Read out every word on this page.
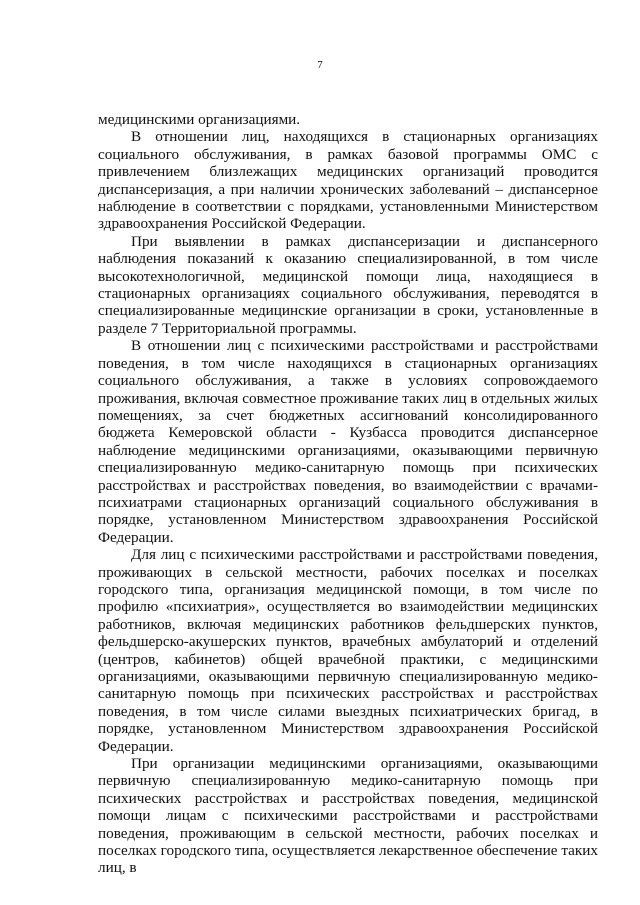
7

медицинскими организациями.

В отношении лиц, находящихся в стационарных организациях социального обслуживания, в рамках базовой программы ОМС с привлечением близлежащих медицинских организаций проводится диспансеризация, а при наличии хронических заболеваний – диспансерное наблюдение в соответствии с порядками, установленными Министерством здравоохранения Российской Федерации.

При выявлении в рамках диспансеризации и диспансерного наблюдения показаний к оказанию специализированной, в том числе высокотехнологичной, медицинской помощи лица, находящиеся в стационарных организациях социального обслуживания, переводятся в специализированные медицинские организации в сроки, установленные в разделе 7 Территориальной программы.

В отношении лиц с психическими расстройствами и расстройствами поведения, в том числе находящихся в стационарных организациях социального обслуживания, а также в условиях сопровождаемого проживания, включая совместное проживание таких лиц в отдельных жилых помещениях, за счет бюджетных ассигнований консолидированного бюджета Кемеровской области - Кузбасса проводится диспансерное наблюдение медицинскими организациями, оказывающими первичную специализированную медико-санитарную помощь при психических расстройствах и расстройствах поведения, во взаимодействии с врачами-психиатрами стационарных организаций социального обслуживания в порядке, установленном Министерством здравоохранения Российской Федерации.

Для лиц с психическими расстройствами и расстройствами поведения, проживающих в сельской местности, рабочих поселках и поселках городского типа, организация медицинской помощи, в том числе по профилю «психиатрия», осуществляется во взаимодействии медицинских работников, включая медицинских работников фельдшерских пунктов, фельдшерско-акушерских пунктов, врачебных амбулаторий и отделений (центров, кабинетов) общей врачебной практики, с медицинскими организациями, оказывающими первичную специализированную медико-санитарную помощь при психических расстройствах и расстройствах поведения, в том числе силами выездных психиатрических бригад, в порядке, установленном Министерством здравоохранения Российской Федерации.

При организации медицинскими организациями, оказывающими первичную специализированную медико-санитарную помощь при психических расстройствах и расстройствах поведения, медицинской помощи лицам с психическими расстройствами и расстройствами поведения, проживающим в сельской местности, рабочих поселках и поселках городского типа, осуществляется лекарственное обеспечение таких лиц, в
